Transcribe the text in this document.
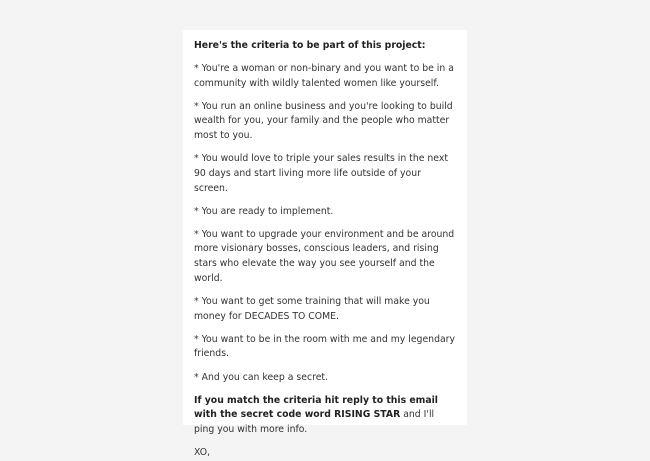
Here's the criteria to be part of this project:

* You're a woman or non-binary and you want to be in a community with wildly talented women like yourself.

* You run an online business and you're looking to build wealth for you, your family and the people who matter most to you.

* You would love to triple your sales results in the next 90 days and start living more life outside of your screen.

* You are ready to implement.

* You want to upgrade your environment and be around more visionary bosses, conscious leaders, and rising stars who elevate the way you see yourself and the world.

* You want to get some training that will make you money for DECADES TO COME.

* You want to be in the room with me and my legendary friends.

* And you can keep a secret.

If you match the criteria hit reply to this email with the secret code word RISING STAR and I'll ping you with more info.

XO,
